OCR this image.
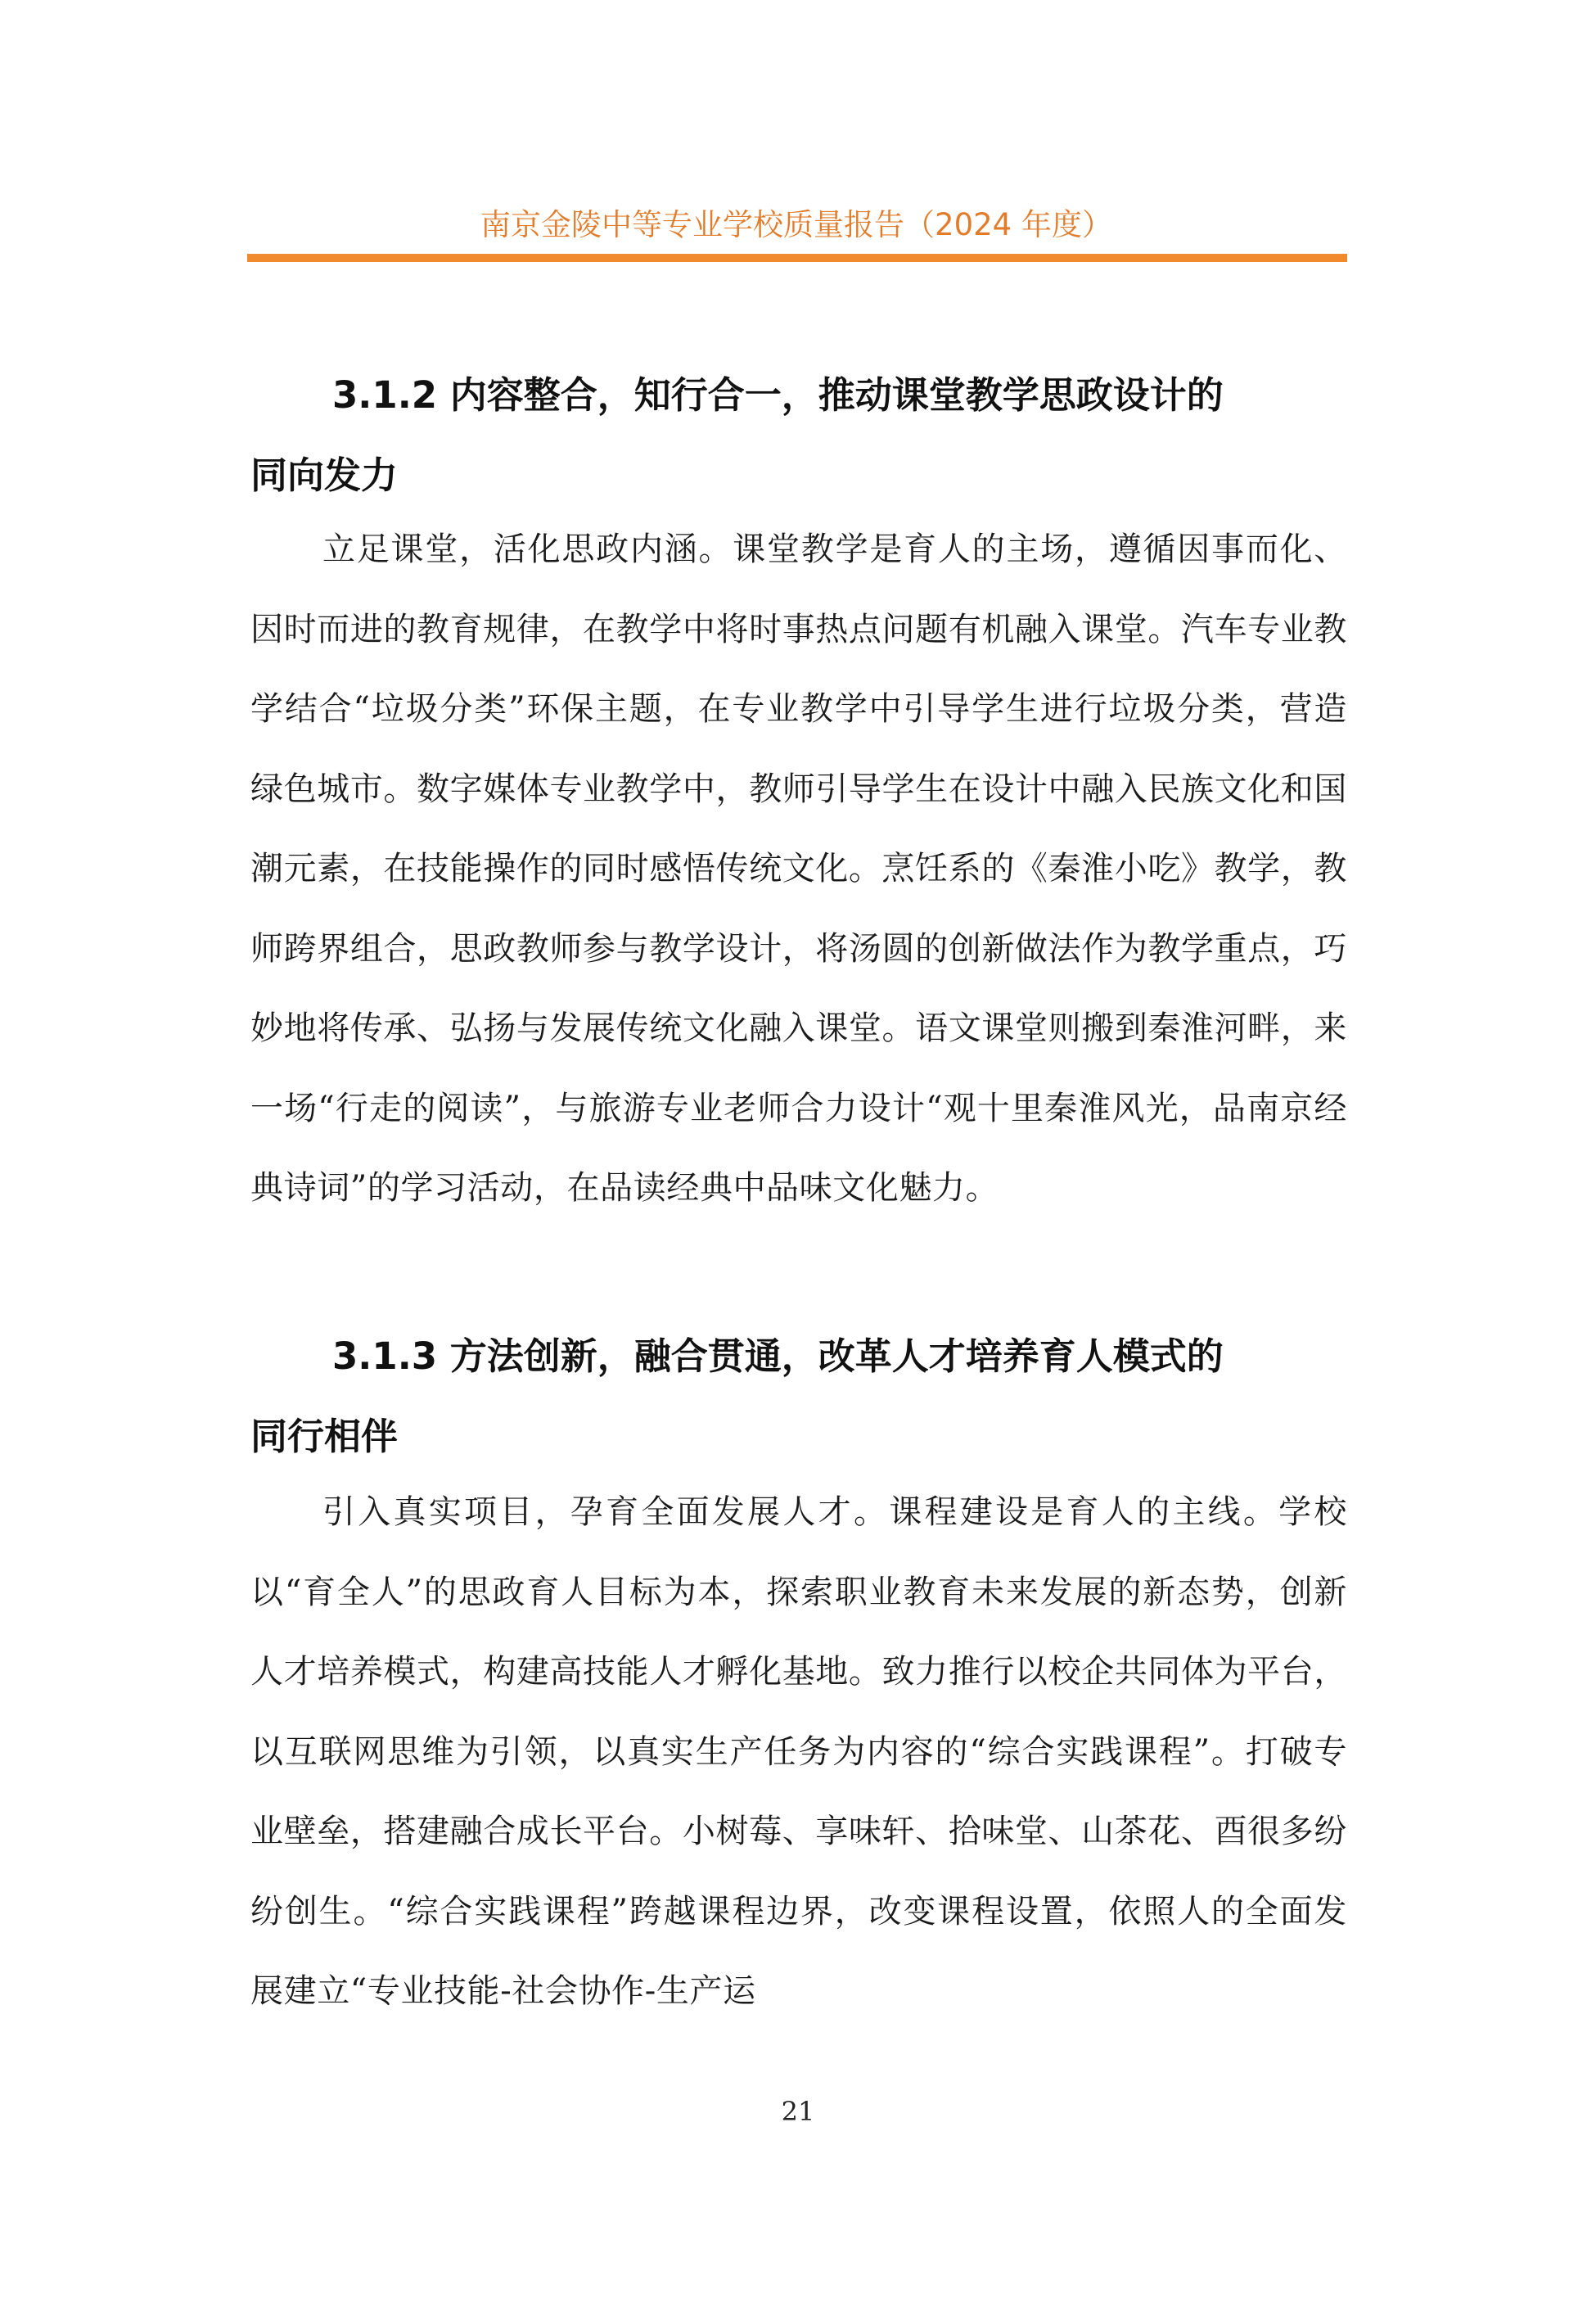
南京金陵中等专业学校质量报告（2024 年度）
3.1.2 内容整合，知行合一，推动课堂教学思政设计的
同向发力
立足课堂，活化思政内涵。课堂教学是育人的主场，遵循因事而化、因时而进的教育规律，在教学中将时事热点问题有机融入课堂。汽车专业教学结合“垃圾分类”环保主题，在专业教学中引导学生进行垃圾分类，营造绿色城市。数字媒体专业教学中，教师引导学生在设计中融入民族文化和国潮元素，在技能操作的同时感悟传统文化。烹饪系的《秦淮小吃》教学，教师跨界组合，思政教师参与教学设计，将汤圆的创新做法作为教学重点，巧妙地将传承、弘扬与发展传统文化融入课堂。语文课堂则搬到秦淮河畔，来一场“行走的阅读”，与旅游专业老师合力设计“观十里秦淮风光，品南京经典诗词”的学习活动，在品读经典中品味文化魅力。
3.1.3 方法创新，融合贯通，改革人才培养育人模式的
同行相伴
引入真实项目，孕育全面发展人才。课程建设是育人的主线。学校以“育全人”的思政育人目标为本，探索职业教育未来发展的新态势，创新人才培养模式，构建高技能人才孵化基地。致力推行以校企共同体为平台，以互联网思维为引领，以真实生产任务为内容的“综合实践课程”。打破专业壁垒，搭建融合成长平台。小树莓、享味轩、拾味堂、山茶花、酉很多纷纷创生。“综合实践课程”跨越课程边界，改变课程设置，依照人的全面发展建立“专业技能-社会协作-生产运
21
